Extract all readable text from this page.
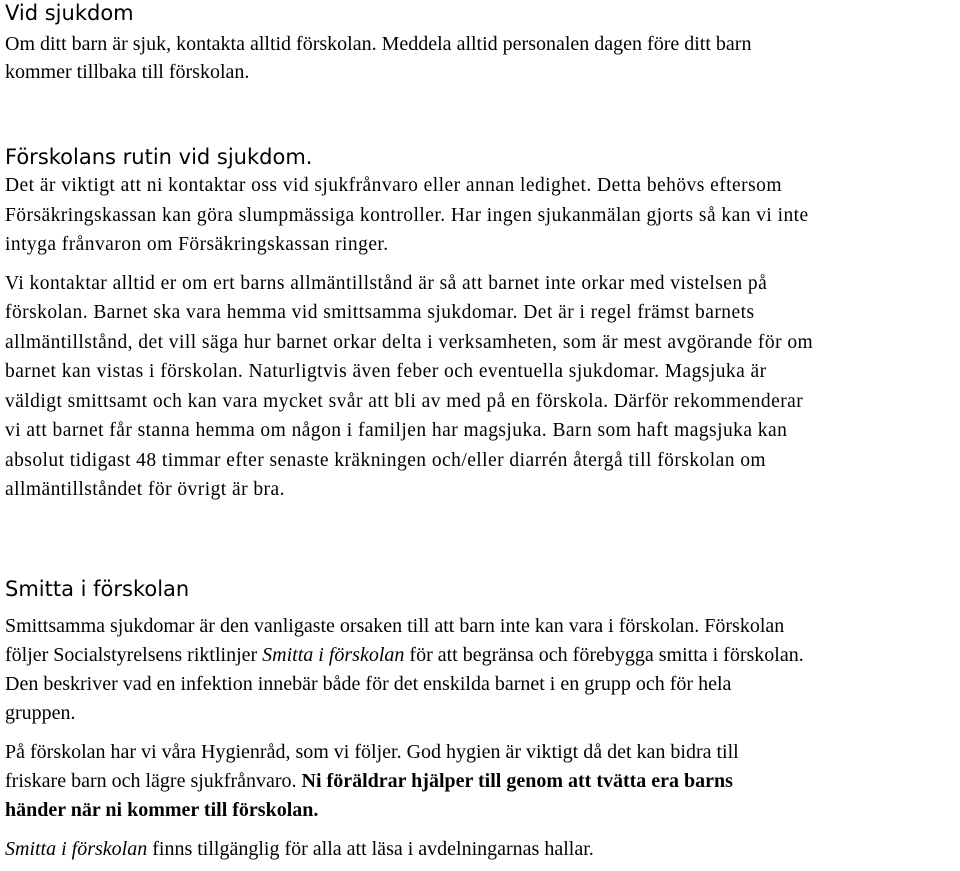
Vid sjukdom

Om ditt barn är sjuk, kontakta alltid förskolan. Meddela alltid personalen dagen före ditt barn
kommer tillbaka till förskolan.

Förskolans rutin vid sjukdom.

Det är viktigt att ni kontaktar oss vid sjukfrånvaro eller annan ledighet. Detta behövs eftersom
Försäkringskassan kan göra slumpmässiga kontroller. Har ingen sjukanmälan gjorts så kan vi inte
intyga frånvaron om Försäkringskassan ringer.

Vi kontaktar alltid er om ert barns allmäntillstånd är så att barnet inte orkar med vistelsen på
förskolan. Barnet ska vara hemma vid smittsamma sjukdomar. Det är i regel främst barnets
allmäntillstånd, det vill säga hur barnet orkar delta i verksamheten, som är mest avgörande för om
barnet kan vistas i förskolan. Naturligtvis även feber och eventuella sjukdomar. Magsjuka är
väldigt smittsamt och kan vara mycket svår att bli av med på en förskola. Därför rekommenderar
vi att barnet får stanna hemma om någon i familjen har magsjuka. Barn som haft magsjuka kan
absolut tidigast 48 timmar efter senaste kräkningen och/eller diarrén återgå till förskolan om
allmäntillståndet för övrigt är bra.

Smitta i förskolan

Smittsamma sjukdomar är den vanligaste orsaken till att barn inte kan vara i förskolan. Förskolan
följer Socialstyrelsens riktlinjer Smitta i förskolan för att begränsa och förebygga smitta i förskolan.
Den beskriver vad en infektion innebär både för det enskilda barnet i en grupp och för hela
gruppen.

På förskolan har vi våra Hygienråd, som vi följer. God hygien är viktigt då det kan bidra till
friskare barn och lägre sjukfrånvaro. Ni föräldrar hjälper till genom att tvätta era barns
händer när ni kommer till förskolan.

Smitta i förskolan finns tillgänglig för alla att läsa i avdelningarnas hallar.
